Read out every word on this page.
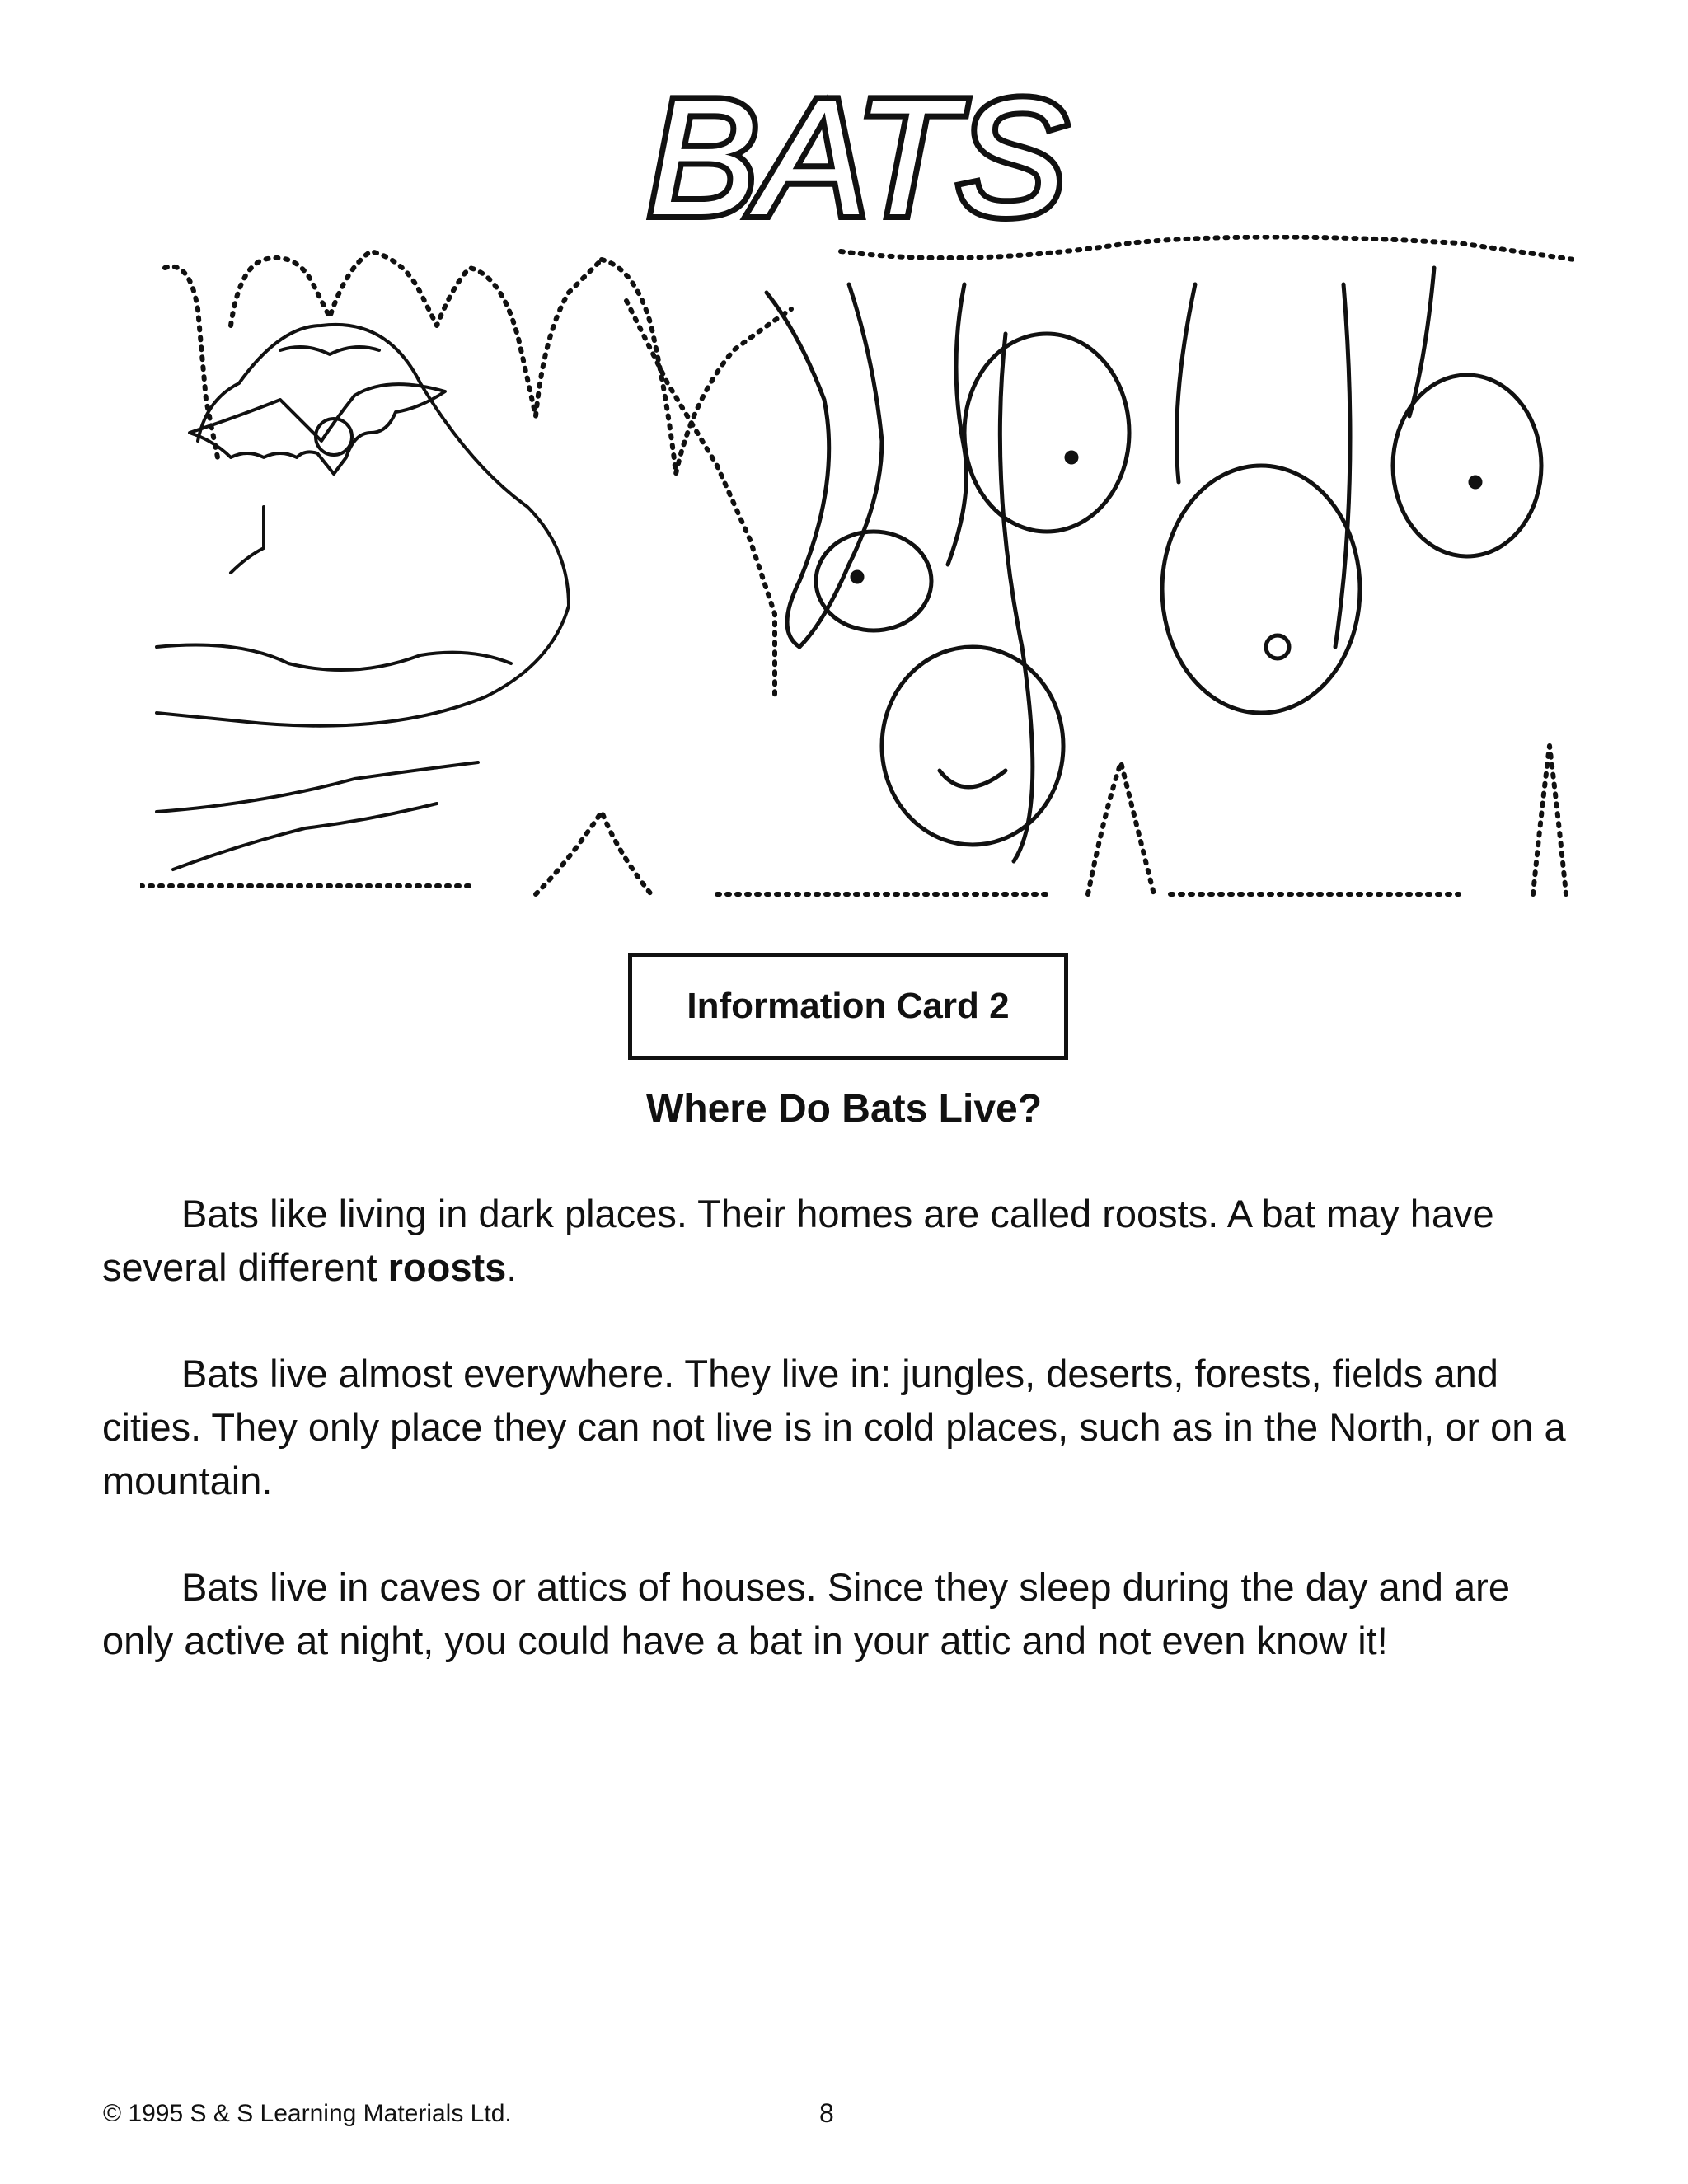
BATS
Information Card 2
Where Do Bats Live?

Bats like living in dark places. Their homes are called roosts. A bat may have several different roosts.

Bats live almost everywhere. They live in: jungles, deserts, forests, fields and cities. They only place they can not live is in cold places, such as in the North, or on a mountain.

Bats live in caves or attics of houses. Since they sleep during the day and are only active at night, you could have a bat in your attic and not even know it!

© 1995 S & S Learning Materials Ltd.	8
